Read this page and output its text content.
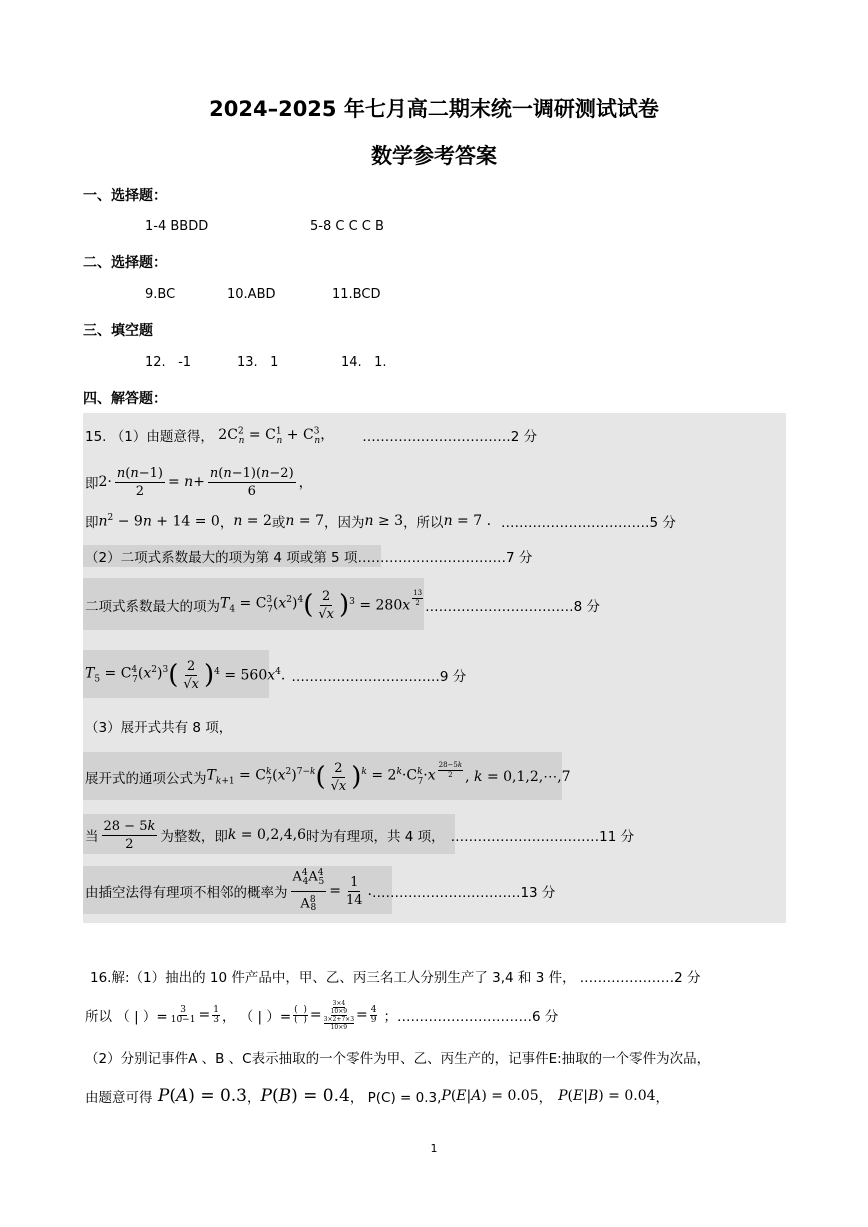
2024–2025 年七月高二期末统一调研测试试卷
数学参考答案
一、选择题：
1-4 BBDD	5-8 C C C B
二、选择题：
9.BC	10.ABD	11.BCD
三、填空题
12.   -1	13.   1	14.   1.
四、解答题：
15. （1）由题意得， $2C^2_n = C^1_n + C^3_n$， ……………………………2 分
即 $2\cdot \frac{n(n-1)}{2} = n+ \frac{n(n-1)(n-2)}{6}$ ，
即 $n^2 - 9n + 14 = 0$ ， n = 2 或 n = 7 ，因为 n ≥ 3 ，所以 n = 7 . ……………………………5 分
（2）二项式系数最大的项为第 4 项或第 5 项 ……………………………7 分
二项式系数最大的项为 $T_4 = C^3_7(x^2)^4$ ( $\frac{2}{√x}$ ) $^3 = 280x \frac{13}{2}$ ……………………………8 分
$T_5 = C^4_7(x^2)^3$ ( $\frac{2}{√x}$ ) $^4 = 560x^4$. ……………………………9 分
（3）展开式共有 8 项，
展开式的通项公式为 $T_{k+1} = C^k_7(x^2)^{7-k}$ ( $\frac{2}{√x}$ ) $^k = 2^k\cdot C^k_7\cdot x \frac{28-5k}{2}$ , k = 0,1,2,⋯,7
当 $\frac{28 - 5k}{2}$ 为整数，即 k = 0,2,4,6 时为有理项，共 4 项， ……………………………11 分
由插空法得有理项不相邻的概率为 $\frac{A^4_4A^4_5}{A^8_8} = \frac{1}{14}$ . ……………………………13 分
16.解:（1）抽出的 10 件产品中，甲、乙、丙三名工人分别生产了 3,4 和 3 件， …………………2 分
所以 （ | ）= $\frac{3}{10-1} = \frac{1}{3}$ ， （ | ）= $\frac{( )}{( )} = 3\times 4$
10×9
3×2+7×3
$10\times 9 = \frac{4}{9}$ ；…………………………6 分
（2）分别记事件A 、B 、C表示抽取的一个零件为甲、乙、丙生产的，记事件E:抽取的一个零件为次品，
由题意可得 P(A) = 0.3 ， P(B) = 0.4 ， P(C) = 0.3, P(E|A) = 0.05 ， P(E|B) = 0.04 ，
1
